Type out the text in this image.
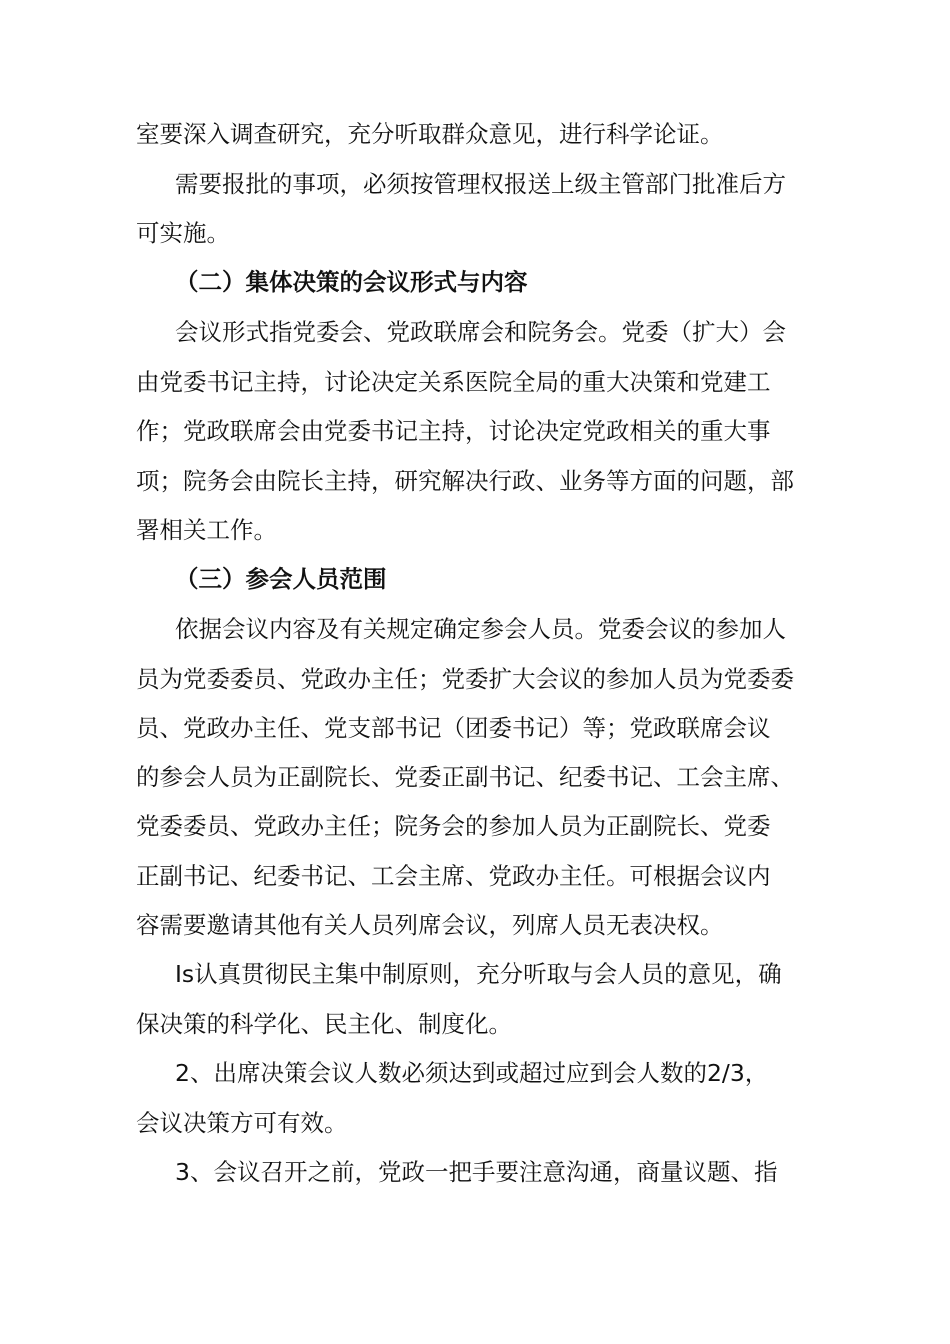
室要深入调查研究，充分听取群众意见，进行科学论证。
需要报批的事项，必须按管理权报送上级主管部门批准后方
可实施。
（二）集体决策的会议形式与内容
会议形式指党委会、党政联席会和院务会。党委（扩大）会
由党委书记主持，讨论决定关系医院全局的重大决策和党建工
作；党政联席会由党委书记主持，讨论决定党政相关的重大事
项；院务会由院长主持，研究解决行政、业务等方面的问题，部
署相关工作。
（三）参会人员范围
依据会议内容及有关规定确定参会人员。党委会议的参加人
员为党委委员、党政办主任；党委扩大会议的参加人员为党委委
员、党政办主任、党支部书记（团委书记）等；党政联席会议
的参会人员为正副院长、党委正副书记、纪委书记、工会主席、
党委委员、党政办主任；院务会的参加人员为正副院长、党委
正副书记、纪委书记、工会主席、党政办主任。可根据会议内
容需要邀请其他有关人员列席会议，列席人员无表决权。
Is认真贯彻民主集中制原则，充分听取与会人员的意见，确
保决策的科学化、民主化、制度化。
2、出席决策会议人数必须达到或超过应到会人数的2/3，
会议决策方可有效。
3、会议召开之前，党政一把手要注意沟通，商量议题、指
